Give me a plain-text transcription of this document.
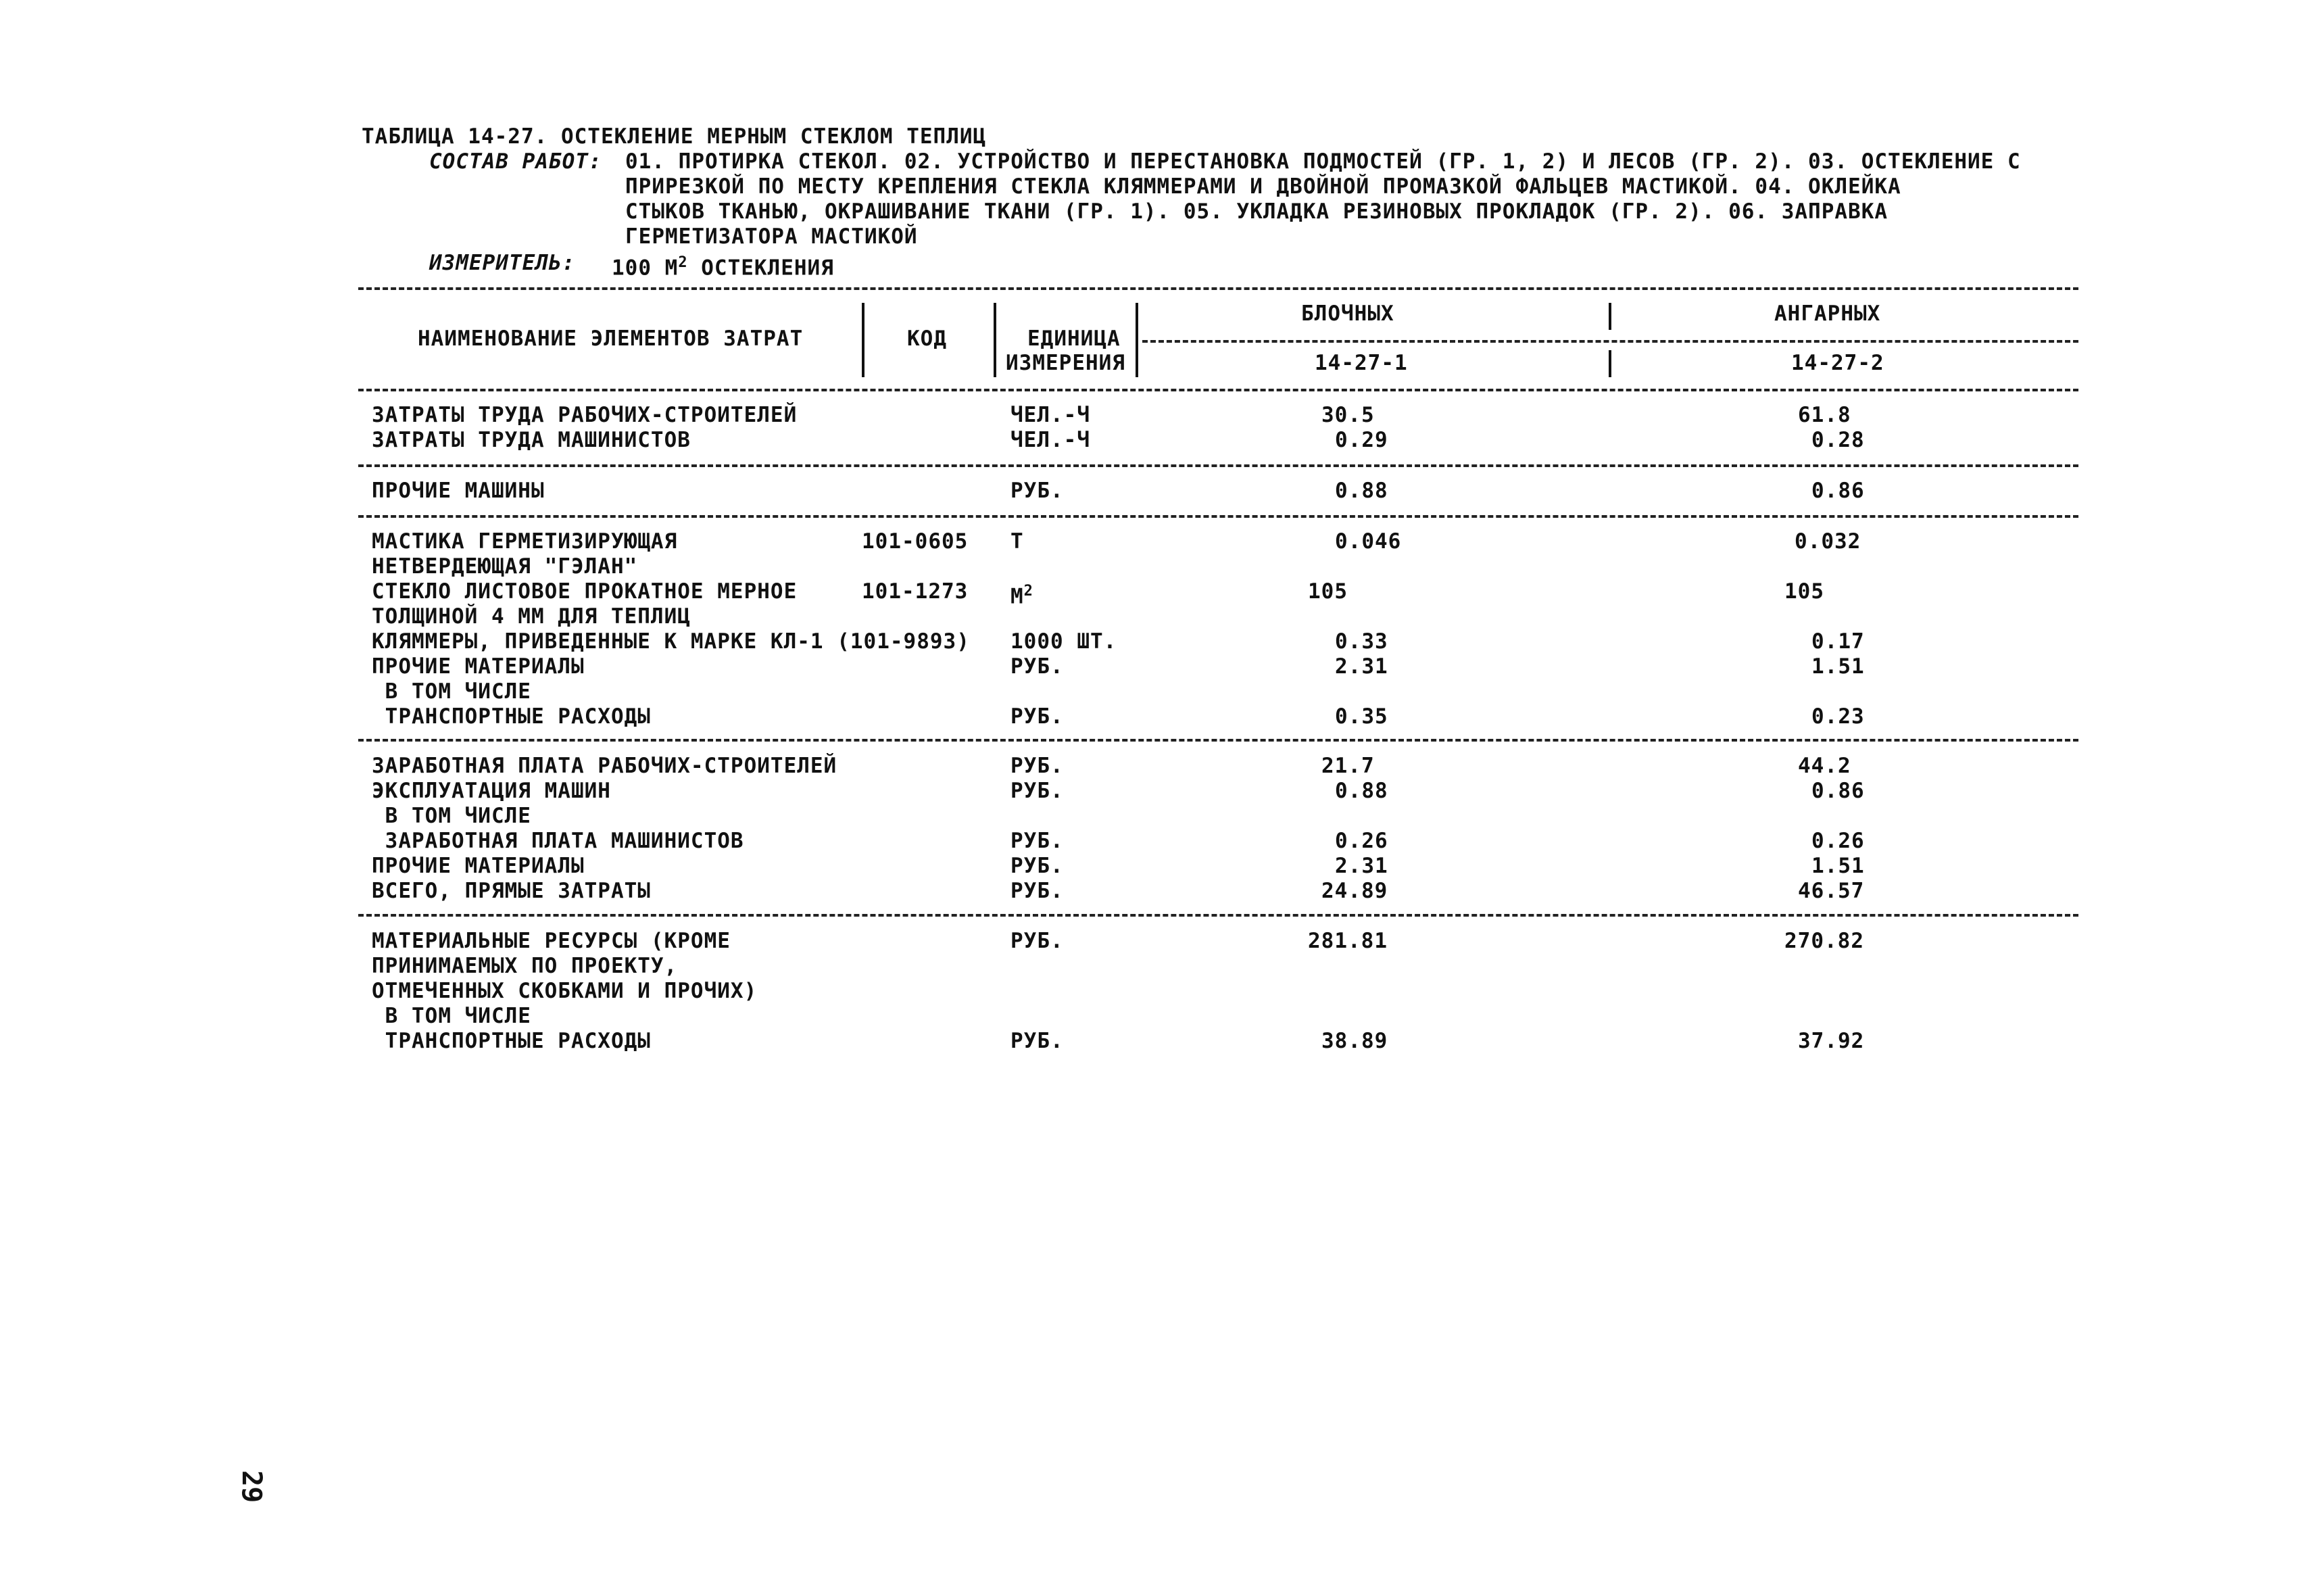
ТАБЛИЦА 14-27. ОСТЕКЛЕНИЕ МЕРНЫМ СТЕКЛОМ ТЕПЛИЦ
СОСТАВ РАБОТ: 01. ПРОТИРКА СТЕКОЛ. 02. УСТРОЙСТВО И ПЕРЕСТАНОВКА ПОДМОСТЕЙ (ГР. 1, 2) И ЛЕСОВ (ГР. 2). 03. ОСТЕКЛЕНИЕ С
ПРИРЕЗКОЙ ПО МЕСТУ КРЕПЛЕНИЯ СТЕКЛА КЛЯММЕРАМИ И ДВОЙНОЙ ПРОМАЗКОЙ ФАЛЬЦЕВ МАСТИКОЙ. 04. ОКЛЕЙКА
СТЫКОВ ТКАНЬЮ, ОКРАШИВАНИЕ ТКАНИ (ГР. 1). 05. УКЛАДКА РЕЗИНОВЫХ ПРОКЛАДОК (ГР. 2). 06. ЗАПРАВКА
ГЕРМЕТИЗАТОРА МАСТИКОЙ
ИЗМЕРИТЕЛЬ: 100 $М^2$ ОСТЕКЛЕНИЯ
НАИМЕНОВАНИЕ ЭЛЕМЕНТОВ ЗАТРАТ	КОД	ЕДИНИЦА
ИЗМЕРЕНИЯ
БЛОЧНЫХ	АНГАРНЫХ
14-27-1	14-27-2
ЗАТРАТЫ ТРУДА РАБОЧИХ-СТРОИТЕЛЕЙ	ЧЕЛ.-Ч	30.5	61.8
ЗАТРАТЫ ТРУДА МАШИНИСТОВ	ЧЕЛ.-Ч	0.29	0.28
ПРОЧИЕ МАШИНЫ	РУБ.	0.88	0.86
МАСТИКА ГЕРМЕТИЗИРУЮЩАЯ	101-0605 Т	0.046	0.032
НЕТВЕРДЕЮЩАЯ "ГЭЛАН"
СТЕКЛО ЛИСТОВОЕ ПРОКАТНОЕ МЕРНОЕ	101-1273 $М^2$	105	105
ТОЛЩИНОЙ 4 ММ ДЛЯ ТЕПЛИЦ
КЛЯММЕРЫ, ПРИВЕДЕННЫЕ К МАРКЕ КЛ-1 (101-9893) 1000 ШТ.	0.33	0.17
ПРОЧИЕ МАТЕРИАЛЫ	РУБ.	2.31	1.51
В ТОМ ЧИСЛЕ
ТРАНСПОРТНЫЕ РАСХОДЫ	РУБ.	0.35	0.23
ЗАРАБОТНАЯ ПЛАТА РАБОЧИХ-СТРОИТЕЛЕЙ	РУБ.	21.7	44.2
ЭКСПЛУАТАЦИЯ МАШИН	РУБ.	0.88	0.86
В ТОМ ЧИСЛЕ
ЗАРАБОТНАЯ ПЛАТА МАШИНИСТОВ	РУБ.	0.26	0.26
ПРОЧИЕ МАТЕРИАЛЫ	РУБ.	2.31	1.51
ВСЕГО, ПРЯМЫЕ ЗАТРАТЫ	РУБ.	24.89	46.57
МАТЕРИАЛЬНЫЕ РЕСУРСЫ (КРОМЕ	РУБ.	281.81	270.82
ПРИНИМАЕМЫХ ПО ПРОЕКТУ,
ОТМЕЧЕННЫХ СКОБКАМИ И ПРОЧИХ)
В ТОМ ЧИСЛЕ
ТРАНСПОРТНЫЕ РАСХОДЫ	РУБ.	38.89	37.92
29
